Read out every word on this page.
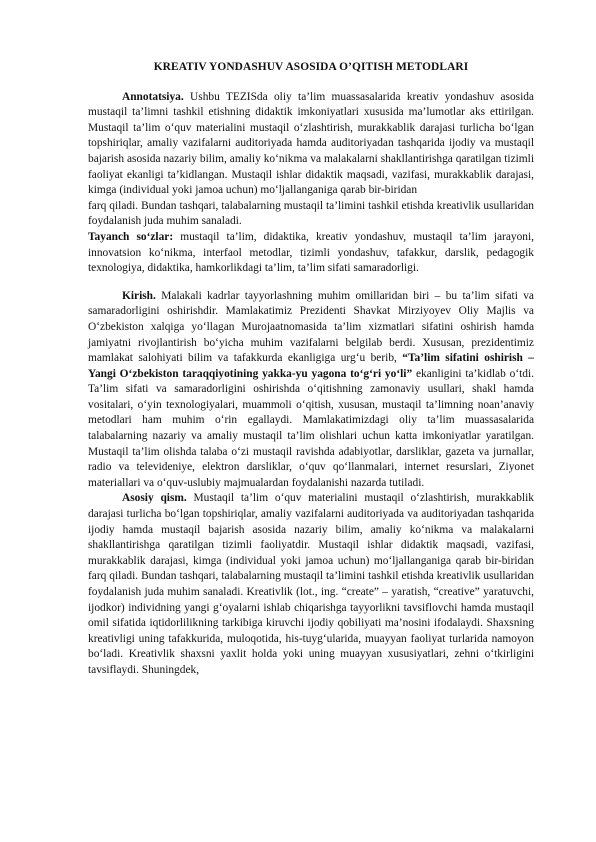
KREATIV YONDASHUV ASOSIDA O’QITISH METODLARI

Annotatsiya. Ushbu TEZISda oliy ta’lim muassasalarida kreativ yondashuv asosida mustaqil ta’limni tashkil etishning didaktik imkoniyatlari xususida ma’lumotlar aks ettirilgan. Mustaqil ta’lim o‘quv materialini mustaqil o‘zlashtirish, murakkablik darajasi turlicha bo‘lgan topshiriqlar, amaliy vazifalarni auditoriyada hamda auditoriyadan tashqarida ijodiy va mustaqil bajarish asosida nazariy bilim, amaliy ko‘nikma va malakalarni shakllantirishga qaratilgan tizimli faoliyat ekanligi ta’kidlangan. Mustaqil ishlar didaktik maqsadi, vazifasi, murakkablik darajasi, kimga (individual yoki jamoa uchun) mo‘ljallanganiga qarab bir-biridan

farq qiladi. Bundan tashqari, talabalarning mustaqil ta’limini tashkil etishda kreativlik usullaridan foydalanish juda muhim sanaladi.

Tayanch so‘zlar: mustaqil ta’lim, didaktika, kreativ yondashuv, mustaqil ta’lim jarayoni, innovatsion ko‘nikma, interfaol metodlar, tizimli yondashuv, tafakkur, darslik, pedagogik texnologiya, didaktika, hamkorlikdagi ta’lim, ta’lim sifati samaradorligi.

Kirish. Malakali kadrlar tayyorlashning muhim omillaridan biri – bu ta’lim sifati va samaradorligini oshirishdir. Mamlakatimiz Prezidenti Shavkat Mirziyoyev Oliy Majlis va O‘zbekiston xalqiga yo‘llagan Murojaatnomasida ta’lim xizmatlari sifatini oshirish hamda jamiyatni rivojlantirish bo‘yicha muhim vazifalarni belgilab berdi. Xususan, prezidentimiz mamlakat salohiyati bilim va tafakkurda ekanligiga urg‘u berib, “Ta’lim sifatini oshirish – Yangi O‘zbekiston taraqqiyotining yakka-yu yagona to‘g‘ri yo‘li” ekanligini ta’kidlab o‘tdi. Ta’lim sifati va samaradorligini oshirishda o‘qitishning zamonaviy usullari, shakl hamda vositalari, o‘yin texnologiyalari, muammoli o‘qitish, xususan, mustaqil ta’limning noan’anaviy metodlari ham muhim o‘rin egallaydi. Mamlakatimizdagi oliy ta’lim muassasalarida talabalarning nazariy va amaliy mustaqil ta’lim olishlari uchun katta imkoniyatlar yaratilgan. Mustaqil ta’lim olishda talaba o‘zi mustaqil ravishda adabiyotlar, darsliklar, gazeta va jurnallar, radio va televideniye, elektron darsliklar, o‘quv qo‘llanmalari, internet resurslari, Ziyonet materiallari va o‘quv-uslubiy majmualardan foydalanishi nazarda tutiladi.

Asosiy qism. Mustaqil ta’lim o‘quv materialini mustaqil o‘zlashtirish, murakkablik darajasi turlicha bo‘lgan topshiriqlar, amaliy vazifalarni auditoriyada va auditoriyadan tashqarida ijodiy hamda mustaqil bajarish asosida nazariy bilim, amaliy ko‘nikma va malakalarni shakllantirishga qaratilgan tizimli faoliyatdir. Mustaqil ishlar didaktik maqsadi, vazifasi, murakkablik darajasi, kimga (individual yoki jamoa uchun) mo‘ljallanganiga qarab bir-biridan farq qiladi. Bundan tashqari, talabalarning mustaqil ta’limini tashkil etishda kreativlik usullaridan foydalanish juda muhim sanaladi. Kreativlik (lot., ing. “create” – yaratish, “creative” yaratuvchi, ijodkor) individning yangi g‘oyalarni ishlab chiqarishga tayyorlikni tavsiflovchi hamda mustaqil omil sifatida iqtidorlilikning tarkibiga kiruvchi ijodiy qobiliyati ma’nosini ifodalaydi. Shaxsning kreativligi uning tafakkurida, muloqotida, his-tuyg‘ularida, muayyan faoliyat turlarida namoyon bo‘ladi. Kreativlik shaxsni yaxlit holda yoki uning muayyan xususiyatlari, zehni o‘tkirligini tavsiflaydi. Shuningdek,
